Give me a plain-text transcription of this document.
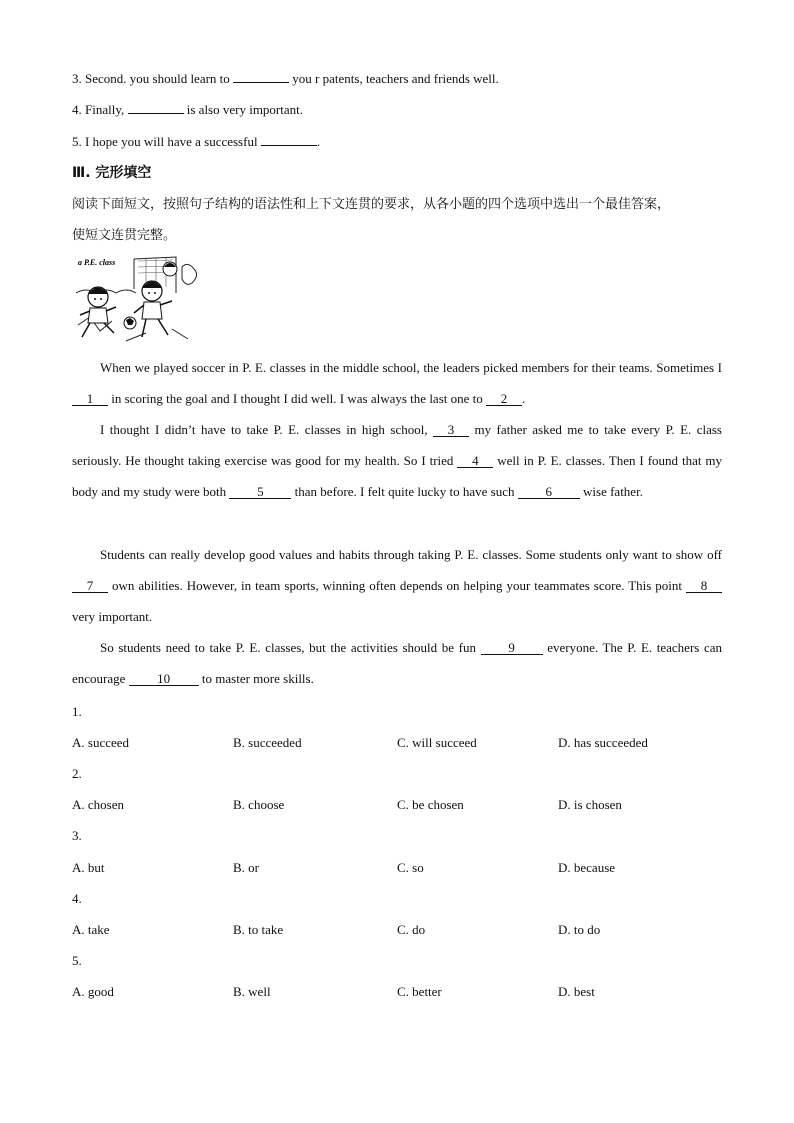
3. Second. you should learn to	you r patents, teachers and friends well.
4. Finally,	is also very important.
5. I hope you will have a successful	.
Ⅲ. 完形填空
阅读下面短文，按照句子结构的语法性和上下文连贯的要求，从各小题的四个选项中选出一个最佳答案，
使短文连贯完整。
a P.E. class
When we played soccer in P. E. classes in the middle school, the leaders picked members for their teams. Sometimes I 1 in scoring the goal and I thought I did well. I was always the last one to 2 .
I thought I didn’t have to take P. E. classes in high school, 3 my father asked me to take every P. E. class seriously. He thought taking exercise was good for my health. So I tried 4 well in P. E. classes. Then I found that my body and my study were both 5 than before. I felt quite lucky to have such 6 wise father.
Students can really develop good values and habits through taking P. E. classes. Some students only want to show off 7 own abilities. However, in team sports, winning often depends on helping your teammates score. This point 8 very important.
So students need to take P. E. classes, but the activities should be fun 9 everyone. The P. E. teachers can encourage 10 to master more skills.
1.
A. succeed	B. succeeded	C. will succeed	D. has succeeded
2.
A. chosen	B. choose	C. be chosen	D. is chosen
3.
A. but	B. or	C. so	D. because
4.
A. take	B. to take	C. do	D. to do
5.
A. good	B. well	C. better	D. best
